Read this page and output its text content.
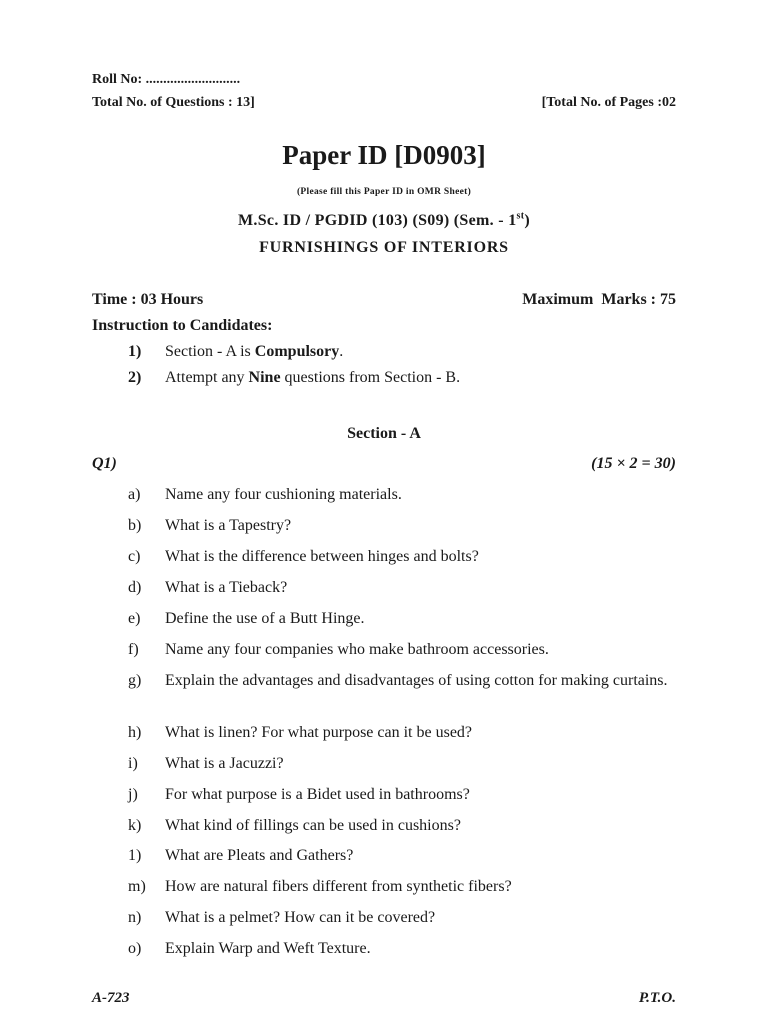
Roll No: ...........................
Total No. of Questions : 13]	[Total No. of Pages :02
Paper ID [D0903]
(Please fill this Paper ID in OMR Sheet)
M.Sc. ID / PGDID (103) (S09) (Sem. - 1st)
FURNISHINGS OF INTERIORS
Time : 03 Hours	Maximum  Marks : 75
Instruction to Candidates:
1) Section - A is Compulsory.
2) Attempt any Nine questions from Section - B.
Section - A
Q1)	(15 × 2 = 30)
a)	Name any four cushioning materials.
b)	What is a Tapestry?
c)	What is the difference between hinges and bolts?
d)	What is a Tieback?
e)	Define the use of a Butt Hinge.
f)	Name any four companies who make bathroom accessories.
g)	Explain the advantages and disadvantages of using cotton for making curtains.
h)	What is linen? For what purpose can it be used?
i)	What is a Jacuzzi?
j)	For what purpose is a Bidet used in bathrooms?
k)	What kind of fillings can be used in cushions?
1)	What are Pleats and Gathers?
m)	How are natural fibers different from synthetic fibers?
n)	What is a pelmet? How can it be covered?
o)	Explain Warp and Weft Texture.
A-723	P.T.O.
